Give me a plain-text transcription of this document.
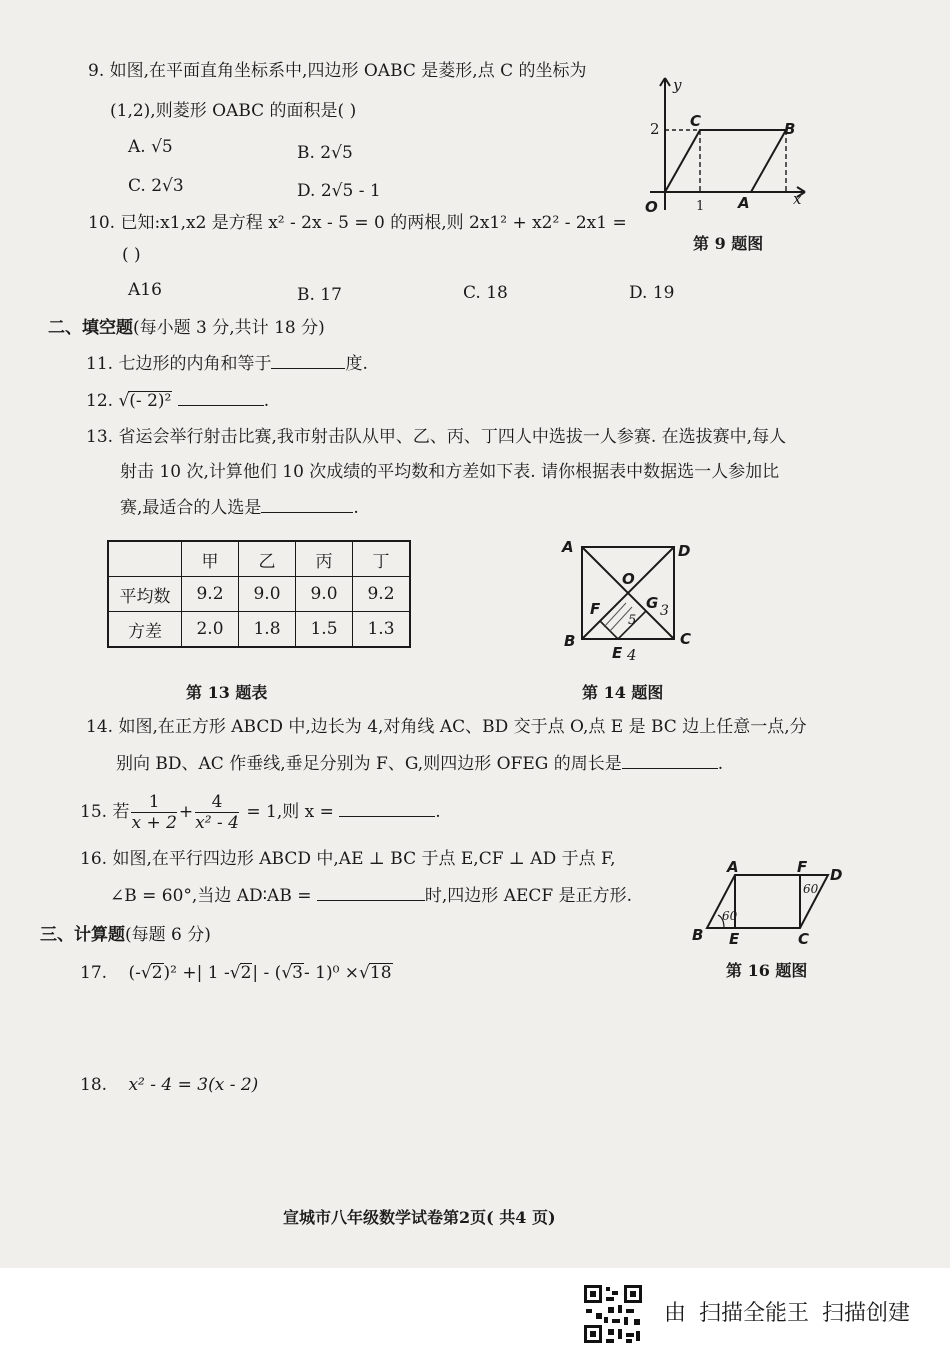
9. 如图,在平面直角坐标系中,四边形 OABC 是菱形,点 C 的坐标为
(1,2),则菱形 OABC 的面积是( )
A. √5	B. 2√5
C. 2√3	D. 2√5 - 1
y
x
O	A
B
C
2
1
第 9 题图
10. 已知:x1,x2 是方程 x² - 2x - 5 = 0 的两根,则 2x1² + x2² - 2x1 =
( )
A16	B. 17	C. 18	D. 19
二、填空题(每小题 3 分,共计 18 分)
11. 七边形的内角和等于	度.
12. √(- 2)²	.
13. 省运会举行射击比赛,我市射击队从甲、乙、丙、丁四人中选拔一人参赛. 在选拔赛中,每人
射击 10 次,计算他们 10 次成绩的平均数和方差如下表. 请你根据表中数据选一人参加比
赛,最适合的人选是	.
	甲	乙	丙	丁
平均数	9.2	9.0	9.0	9.2
方差	2.0	1.8	1.5	1.3
第 13 题表
A	D
O
F	G 3
5
B	C
E 4
第 14 题图
14. 如图,在正方形 ABCD 中,边长为 4,对角线 AC、BD 交于点 O,点 E 是 BC 边上任意一点,分
别向 BD、AC 作垂线,垂足分别为 F、G,则四边形 OFEG 的周长是	.
15. 若 $\frac{1}{x + 2} + \frac{4}{\text{x² - 4}} = 1$,则 x =	.
16. 如图,在平行四边形 ABCD 中,AE ⊥ BC 于点 E,CF ⊥ AD 于点 F,
∠B = 60°,当边 AD∶AB =	时,四边形 AECF 是正方形.
A	F D
60
60
B E	C
第 16 题图
三、计算题(每题 6 分)
17. (-√2)² +| 1 -√2| - (√3- 1)⁰ ×√18
18. x² - 4 = 3(x - 2)
宣城市八年级数学试卷第2页( 共4 页)
由 扫描全能王 扫描创建
